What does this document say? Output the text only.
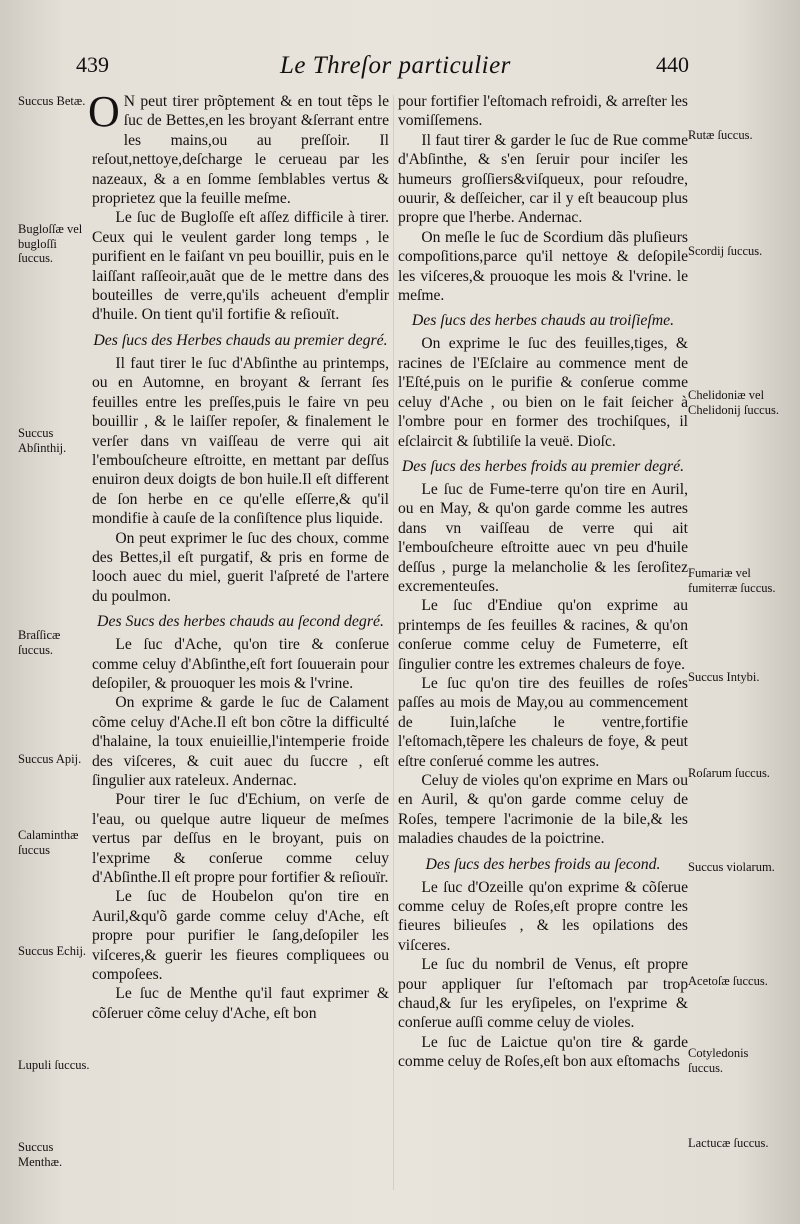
439	Le Threſor particulier	440
Succus Betæ.
Bugloſſæ vel bugloſſi ſuccus.
Succus Abſinthij.
Braſſicæ ſuccus.
Succus Apij.
Calaminthæ ſuccus
Succus Echij.
Lupuli ſuccus.
Succus Menthæ.
Rutæ ſuccus.
Scordij ſuccus.
Chelidoniæ vel Chelidonij ſuccus.
Fumariæ vel fumiterræ ſuccus.
Succus Intybi.
Roſarum ſuccus.
Succus violarum.
Acetoſæ ſuccus.
Cotyledonis ſuccus.
Lactucæ ſuccus.

O N peut tirer prõptement & en tout tẽps le ſuc de Bettes,en les broyant &ſerrant entre les mains,ou au preſſoir. Il reſout,nettoye,deſcharge le cerueau par les nazeaux, & a en ſomme ſemblables vertus & proprietez que la feuille meſme.

Le ſuc de Bugloſſe eſt aſſez difficile à tirer. Ceux qui le veulent garder long temps , le purifient en le faiſant vn peu bouillir, puis en le laiſſant raſſeoir,auãt que de le mettre dans des bouteilles de verre,qu'ils acheuent d'emplir d'huile. On tient qu'il fortifie & reſiouït.

Des ſucs des Herbes chauds au premier degré.

Il faut tirer le ſuc d'Abſinthe au printemps, ou en Automne, en broyant & ſerrant ſes feuilles entre les preſſes,puis le faire vn peu bouillir , & le laiſſer repoſer, & finalement le verſer dans vn vaiſſeau de verre qui ait l'embouſcheure eſtroitte, en mettant par deſſus enuiron deux doigts de bon huile.Il eſt different de ſon herbe en ce qu'elle eſſerre,& qu'il mondifie à cauſe de la conſiſtence plus liquide.

On peut exprimer le ſuc des choux, comme des Bettes,il eſt purgatif, & pris en forme de looch auec du miel, guerit l'aſpreté de l'artere du poulmon.

Des Sucs des herbes chauds au ſecond degré.

Le ſuc d'Ache, qu'on tire & conſerue comme celuy d'Abſinthe,eſt fort ſouuerain pour deſopiler, & prouoquer les mois & l'vrine.

On exprime & garde le ſuc de Calament cõme celuy d'Ache.Il eſt bon cõtre la difficulté d'halaine, la toux enuieillie,l'intemperie froide des viſceres, & cuit auec du ſuccre , eſt ſingulier aux rateleux. Andernac.

Pour tirer le ſuc d'Echium, on verſe de l'eau, ou quelque autre liqueur de meſmes vertus par deſſus en le broyant, puis on l'exprime & conſerue comme celuy d'Abſinthe.Il eſt propre pour fortifier & reſiouïr.

Le ſuc de Houbelon qu'on tire en Auril,&qu'õ garde comme celuy d'Ache, eſt propre pour purifier le ſang,deſopiler les viſceres,& guerir les fieures compliquees ou compoſees.

Le ſuc de Menthe qu'il faut exprimer & cõſeruer cõme celuy d'Ache, eſt bon

pour fortifier l'eſtomach refroidi, & arreſter les vomiſſemens.

Il faut tirer & garder le ſuc de Rue comme d'Abſinthe, & s'en ſeruir pour inciſer les humeurs groſſiers&viſqueux, pour reſoudre, ouurir, & deſſeicher, car il y eſt beaucoup plus propre que l'herbe. Andernac.

On meſle le ſuc de Scordium dãs pluſieurs compoſitions,parce qu'il nettoye & deſopile les viſceres,& prouoque les mois & l'vrine. le meſme.

Des ſucs des herbes chauds au troiſieſme.

On exprime le ſuc des feuilles,tiges, & racines de l'Eſclaire au commence ment de l'Eſté,puis on le purifie & conſerue comme celuy d'Ache , ou bien on le fait ſeicher à l'ombre pour en former des trochiſques, il eſclaircit & ſubtiliſe la veuë. Dioſc.

Des ſucs des herbes froids au premier degré.

Le ſuc de Fume-terre qu'on tire en Auril, ou en May, & qu'on garde comme les autres dans vn vaiſſeau de verre qui ait l'embouſcheure eſtroitte auec vn peu d'huile deſſus , purge la melancholie & les ſeroſitez excrementeuſes.

Le ſuc d'Endiue qu'on exprime au printemps de ſes feuilles & racines, & qu'on conſerue comme celuy de Fumeterre, eſt ſingulier contre les extremes chaleurs de foye.

Le ſuc qu'on tire des feuilles de roſes paſſes au mois de May,ou au commencement de Iuin,laſche le ventre,fortifie l'eſtomach,tẽpere les chaleurs de foye, & peut eſtre conſerué comme les autres.

Celuy de violes qu'on exprime en Mars ou en Auril, & qu'on garde comme celuy de Roſes, tempere l'acrimonie de la bile,& les maladies chaudes de la poictrine.

Des ſucs des herbes froids au ſecond.

Le ſuc d'Ozeille qu'on exprime & cõſerue comme celuy de Roſes,eſt propre contre les fieures bilieuſes , & les opilations des viſceres.

Le ſuc du nombril de Venus, eſt propre pour appliquer ſur l'eſtomach par trop chaud,& ſur les eryſipeles, on l'exprime & conſerue auſſi comme celuy de violes.

Le ſuc de Laictue qu'on tire & garde comme celuy de Roſes,eſt bon aux eſtomachs
